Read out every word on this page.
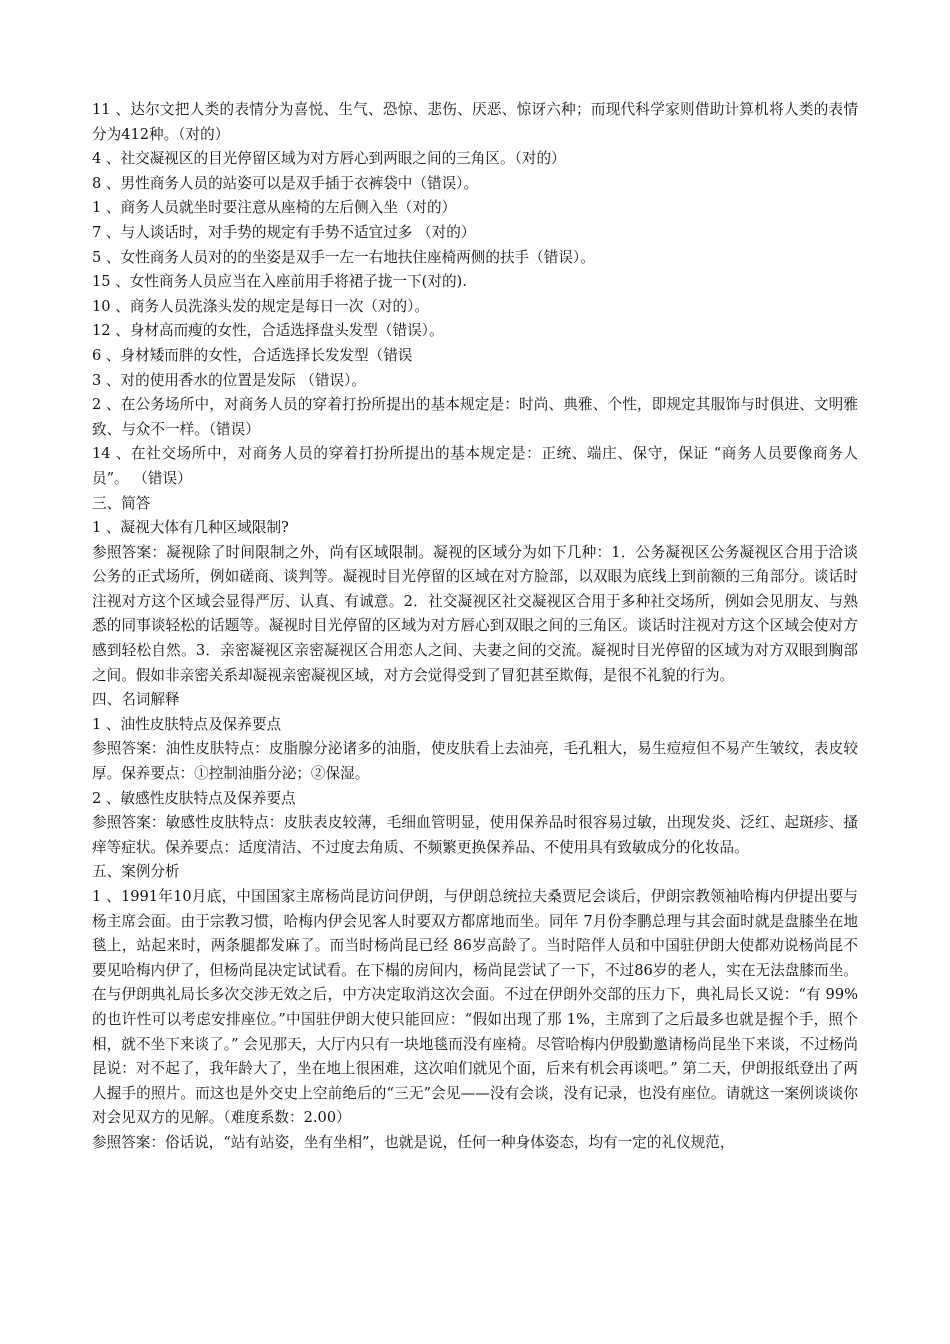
11 、达尔文把人类的表情分为喜悦、生气、恐惊、悲伤、厌恶、惊讶六种；而现代科学家则借助计算机将人类的表情分为412种。（对的）

4 、社交凝视区的目光停留区域为对方唇心到两眼之间的三角区。（对的）

8 、男性商务人员的站姿可以是双手插于衣裤袋中（错误）。

1 、商务人员就坐时要注意从座椅的左后侧入坐（对的）

7 、与人谈话时，对手势的规定有手势不适宜过多 （对的）

5 、女性商务人员对的的坐姿是双手一左一右地扶住座椅两侧的扶手（错误）。

15 、女性商务人员应当在入座前用手将裙子拢一下(对的).

10 、商务人员洗涤头发的规定是每日一次（对的）。

12 、身材高而瘦的女性，合适选择盘头发型（错误）。

6 、身材矮而胖的女性，合适选择长发发型（错误

3 、对的使用香水的位置是发际 （错误）。

2 、在公务场所中，对商务人员的穿着打扮所提出的基本规定是：时尚、典雅、个性，即规定其服饰与时俱进、文明雅致、与众不一样。（错误）

14 、在社交场所中，对商务人员的穿着打扮所提出的基本规定是：正统、端庄、保守，保证 “商务人员要像商务人员”。 （错误）

三、简答

1 、凝视大体有几种区域限制?

参照答案：凝视除了时间限制之外，尚有区域限制。凝视的区域分为如下几种：1．公务凝视区公务凝视区合用于洽谈公务的正式场所，例如磋商、谈判等。凝视时目光停留的区域在对方脸部，以双眼为底线上到前额的三角部分。谈话时注视对方这个区域会显得严厉、认真、有诚意。2．社交凝视区社交凝视区合用于多种社交场所，例如会见朋友、与熟悉的同事谈轻松的话题等。凝视时目光停留的区域为对方唇心到双眼之间的三角区。谈话时注视对方这个区域会使对方感到轻松自然。3．亲密凝视区亲密凝视区合用恋人之间、夫妻之间的交流。凝视时目光停留的区域为对方双眼到胸部之间。假如非亲密关系却凝视亲密凝视区域，对方会觉得受到了冒犯甚至欺侮，是很不礼貌的行为。

四、名词解释

1 、油性皮肤特点及保养要点

参照答案：油性皮肤特点：皮脂腺分泌诸多的油脂，使皮肤看上去油亮，毛孔粗大，易生痘痘但不易产生皱纹，表皮较厚。保养要点：①控制油脂分泌；②保湿。

2 、敏感性皮肤特点及保养要点

参照答案：敏感性皮肤特点：皮肤表皮较薄，毛细血管明显，使用保养品时很容易过敏，出现发炎、泛红、起斑疹、搔痒等症状。保养要点：适度清洁、不过度去角质、不频繁更换保养品、不使用具有致敏成分的化妆品。

五、案例分析

1 、1991年10月底，中国国家主席杨尚昆访问伊朗，与伊朗总统拉夫桑贾尼会谈后，伊朗宗教领袖哈梅内伊提出要与杨主席会面。由于宗教习惯，哈梅内伊会见客人时要双方都席地而坐。同年 7月份李鹏总理与其会面时就是盘膝坐在地毯上，站起来时，两条腿都发麻了。而当时杨尚昆已经 86岁高龄了。当时陪伴人员和中国驻伊朗大使都劝说杨尚昆不要见哈梅内伊了，但杨尚昆决定试试看。在下榻的房间内，杨尚昆尝试了一下，不过86岁的老人，实在无法盘膝而坐。在与伊朗典礼局长多次交涉无效之后，中方决定取消这次会面。不过在伊朗外交部的压力下，典礼局长又说：“有 99%的也许性可以考虑安排座位。”中国驻伊朗大使只能回应：“假如出现了那 1%，主席到了之后最多也就是握个手，照个相，就不坐下来谈了。” 会见那天，大厅内只有一块地毯而没有座椅。尽管哈梅内伊殷勤邀请杨尚昆坐下来谈，不过杨尚昆说：对不起了，我年龄大了，坐在地上很困难，这次咱们就见个面，后来有机会再谈吧。” 第二天，伊朗报纸登出了两人握手的照片。而这也是外交史上空前绝后的“三无”会见——没有会谈，没有记录，也没有座位。请就这一案例谈谈你对会见双方的见解。（难度系数：2.00）

参照答案：俗话说，“站有站姿，坐有坐相”，也就是说，任何一种身体姿态，均有一定的礼仪规范，
